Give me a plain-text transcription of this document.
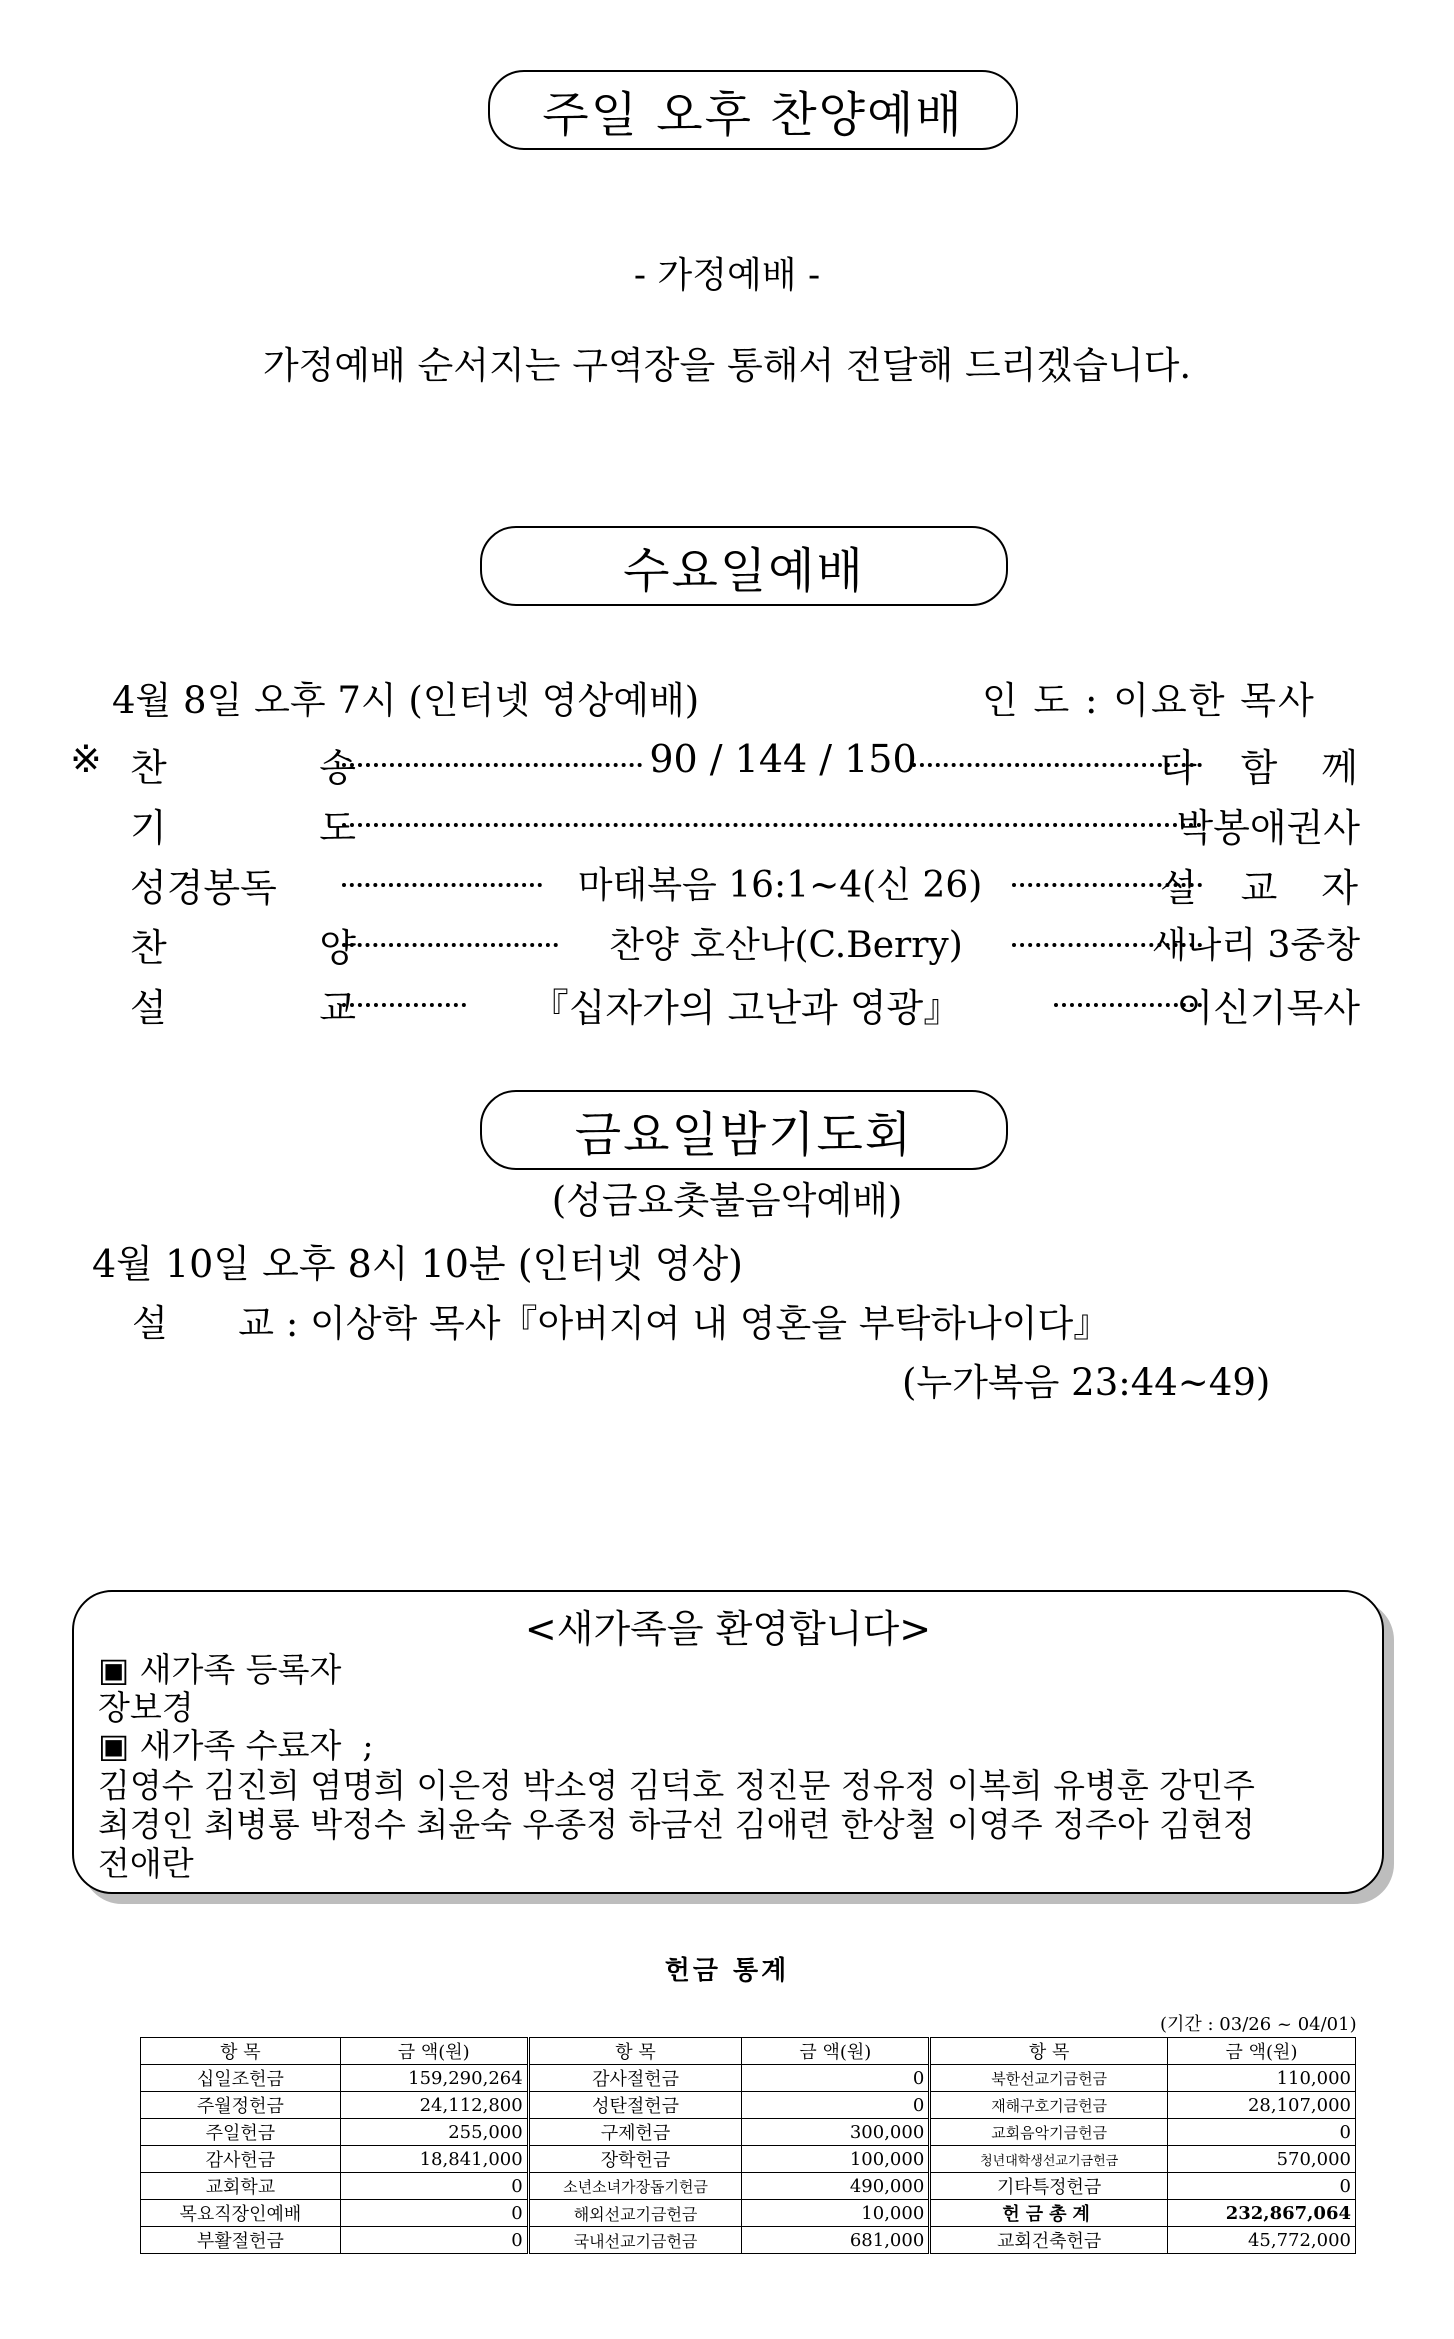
주일 오후 찬양예배
- 가정예배 -
가정예배 순서지는 구역장을 통해서 전달해 드리겠습니다.
수요일예배
4월 8일 오후 7시 (인터넷 영상예배)	인 도 : 이요한 목사
※ 찬	송	90 / 144 / 150	다 함 께
기	도	박봉애권사
성경봉독	마태복음 16:1~4(신 26)	설 교 자
찬	양	찬양 호산나(C.Berry)	새나리 3중창
설	교	『십자가의 고난과 영광』	이신기목사
금요일밤기도회
(성금요촛불음악예배)
4월 10일 오후 8시 10분 (인터넷 영상)
설      교 : 이상학 목사『아버지여 내 영혼을 부탁하나이다』
(누가복음 23:44~49)
<새가족을 환영합니다>
▣ 새가족 등록자
장보경
▣ 새가족 수료자  ;
김영수 김진희 염명희 이은정 박소영 김덕호 정진문 정유정 이복희 유병훈 강민주
최경인 최병룡 박정수 최윤숙 우종정 하금선 김애련 한상철 이영주 정주아 김현정
전애란
헌금 통계
(기간 : 03/26 ~ 04/01)
항 목	금 액(원)	항 목	금 액(원)	항 목	금 액(원)
십일조헌금	159,290,264	감사절헌금	0	북한선교기금헌금	110,000
주월정헌금	24,112,800	성탄절헌금	0	재해구호기금헌금	28,107,000
주일헌금	255,000	구제헌금	300,000	교회음악기금헌금	0
감사헌금	18,841,000	장학헌금	100,000	청년대학생선교기금헌금	570,000
교회학교	0	소년소녀가장돕기헌금	490,000	기타특정헌금	0
목요직장인예배	0	해외선교기금헌금	10,000	헌금총계	232,867,064
부활절헌금	0	국내선교기금헌금	681,000	교회건축헌금	45,772,000
찬 송 다 함 께 기 도 설 교 자 찬 양 설 교
